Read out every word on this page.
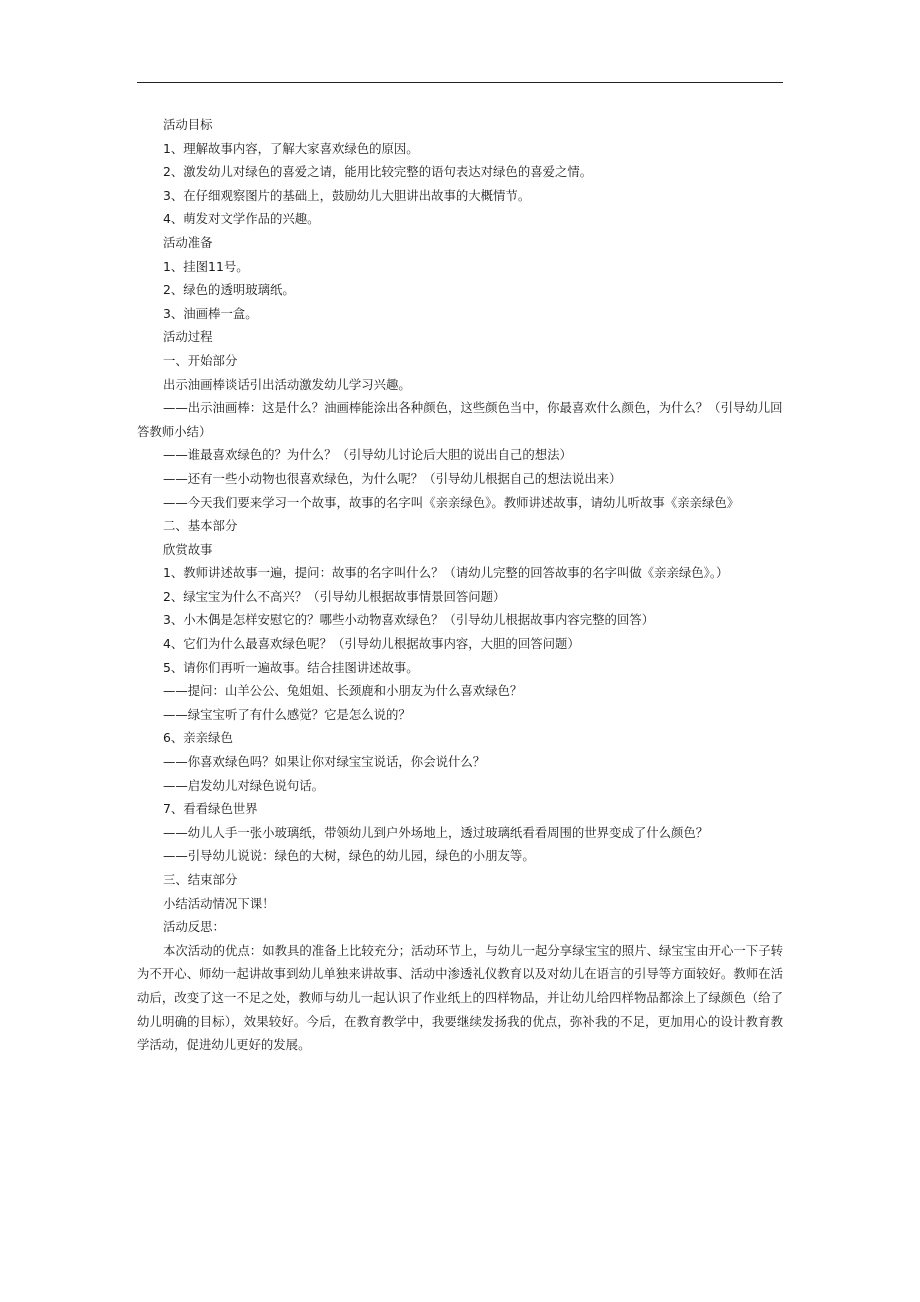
活动目标
1、理解故事内容，了解大家喜欢绿色的原因。
2、激发幼儿对绿色的喜爱之请，能用比较完整的语句表达对绿色的喜爱之情。
3、在仔细观察图片的基础上，鼓励幼儿大胆讲出故事的大概情节。
4、萌发对文学作品的兴趣。
活动准备
1、挂图11号。
2、绿色的透明玻璃纸。
3、油画棒一盒。
活动过程
一、开始部分
出示油画棒谈话引出活动激发幼儿学习兴趣。
——出示油画棒：这是什么？油画棒能涂出各种颜色，这些颜色当中，你最喜欢什么颜色，为什么？（引导幼儿回
答教师小结）
——谁最喜欢绿色的？为什么？（引导幼儿讨论后大胆的说出自己的想法）
——还有一些小动物也很喜欢绿色，为什么呢？（引导幼儿根据自己的想法说出来）
——今天我们要来学习一个故事，故事的名字叫《亲亲绿色》。教师讲述故事，请幼儿听故事《亲亲绿色》
二、基本部分
欣赏故事
1、教师讲述故事一遍，提问：故事的名字叫什么？（请幼儿完整的回答故事的名字叫做《亲亲绿色》。）
2、绿宝宝为什么不高兴？（引导幼儿根据故事情景回答问题）
3、小木偶是怎样安慰它的？哪些小动物喜欢绿色？（引导幼儿根据故事内容完整的回答）
4、它们为什么最喜欢绿色呢？（引导幼儿根据故事内容，大胆的回答问题）
5、请你们再听一遍故事。结合挂图讲述故事。
——提问：山羊公公、兔姐姐、长颈鹿和小朋友为什么喜欢绿色？
——绿宝宝听了有什么感觉？它是怎么说的？
6、亲亲绿色
——你喜欢绿色吗？如果让你对绿宝宝说话，你会说什么？
——启发幼儿对绿色说句话。
7、看看绿色世界
——幼儿人手一张小玻璃纸，带领幼儿到户外场地上，透过玻璃纸看看周围的世界变成了什么颜色？
——引导幼儿说说：绿色的大树，绿色的幼儿园，绿色的小朋友等。
三、结束部分
小结活动情况下课！
活动反思：

本次活动的优点：如教具的准备上比较充分；活动环节上，与幼儿一起分享绿宝宝的照片、绿宝宝由开心一下子转为不开心、师幼一起讲故事到幼儿单独来讲故事、活动中渗透礼仪教育以及对幼儿在语言的引导等方面较好。教师在活动后，改变了这一不足之处，教师与幼儿一起认识了作业纸上的四样物品，并让幼儿给四样物品都涂上了绿颜色（给了幼儿明确的目标），效果较好。今后，在教育教学中，我要继续发扬我的优点，弥补我的不足，更加用心的设计教育教学活动，促进幼儿更好的发展。
